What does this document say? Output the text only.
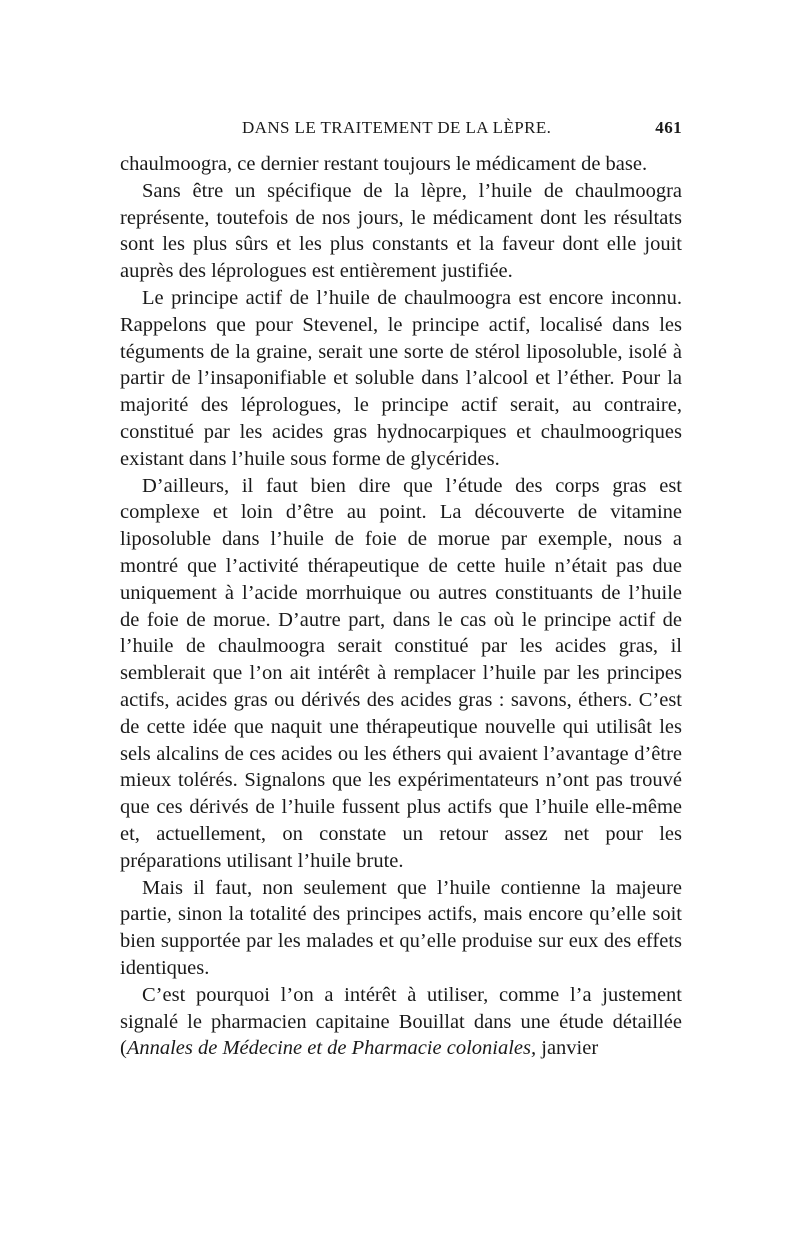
DANS LE TRAITEMENT DE LA LÈPRE.	461

chaulmoogra, ce dernier restant toujours le médicament de base.

Sans être un spécifique de la lèpre, l’huile de chaulmoogra représente, toutefois de nos jours, le médicament dont les résultats sont les plus sûrs et les plus constants et la faveur dont elle jouit auprès des léprologues est entièrement justifiée.

Le principe actif de l’huile de chaulmoogra est encore inconnu. Rappelons que pour Stevenel, le principe actif, localisé dans les téguments de la graine, serait une sorte de stérol liposoluble, isolé à partir de l’insaponifiable et soluble dans l’alcool et l’éther. Pour la majorité des léprologues, le principe actif serait, au contraire, constitué par les acides gras hydnocarpiques et chaulmoogriques existant dans l’huile sous forme de glycérides.

D’ailleurs, il faut bien dire que l’étude des corps gras est complexe et loin d’être au point. La découverte de vitamine liposoluble dans l’huile de foie de morue par exemple, nous a montré que l’activité thérapeutique de cette huile n’était pas due uniquement à l’acide morrhuique ou autres constituants de l’huile de foie de morue. D’autre part, dans le cas où le principe actif de l’huile de chaulmoogra serait constitué par les acides gras, il semblerait que l’on ait intérêt à remplacer l’huile par les principes actifs, acides gras ou dérivés des acides gras : savons, éthers. C’est de cette idée que naquit une thérapeutique nouvelle qui utilisât les sels alcalins de ces acides ou les éthers qui avaient l’avantage d’être mieux tolérés. Signalons que les expérimentateurs n’ont pas trouvé que ces dérivés de l’huile fussent plus actifs que l’huile elle-même et, actuellement, on constate un retour assez net pour les préparations utilisant l’huile brute.

Mais il faut, non seulement que l’huile contienne la majeure partie, sinon la totalité des principes actifs, mais encore qu’elle soit bien supportée par les malades et qu’elle produise sur eux des effets identiques.

C’est pourquoi l’on a intérêt à utiliser, comme l’a justement signalé le pharmacien capitaine Bouillat dans une étude détaillée (Annales de Médecine et de Pharmacie coloniales, janvier
